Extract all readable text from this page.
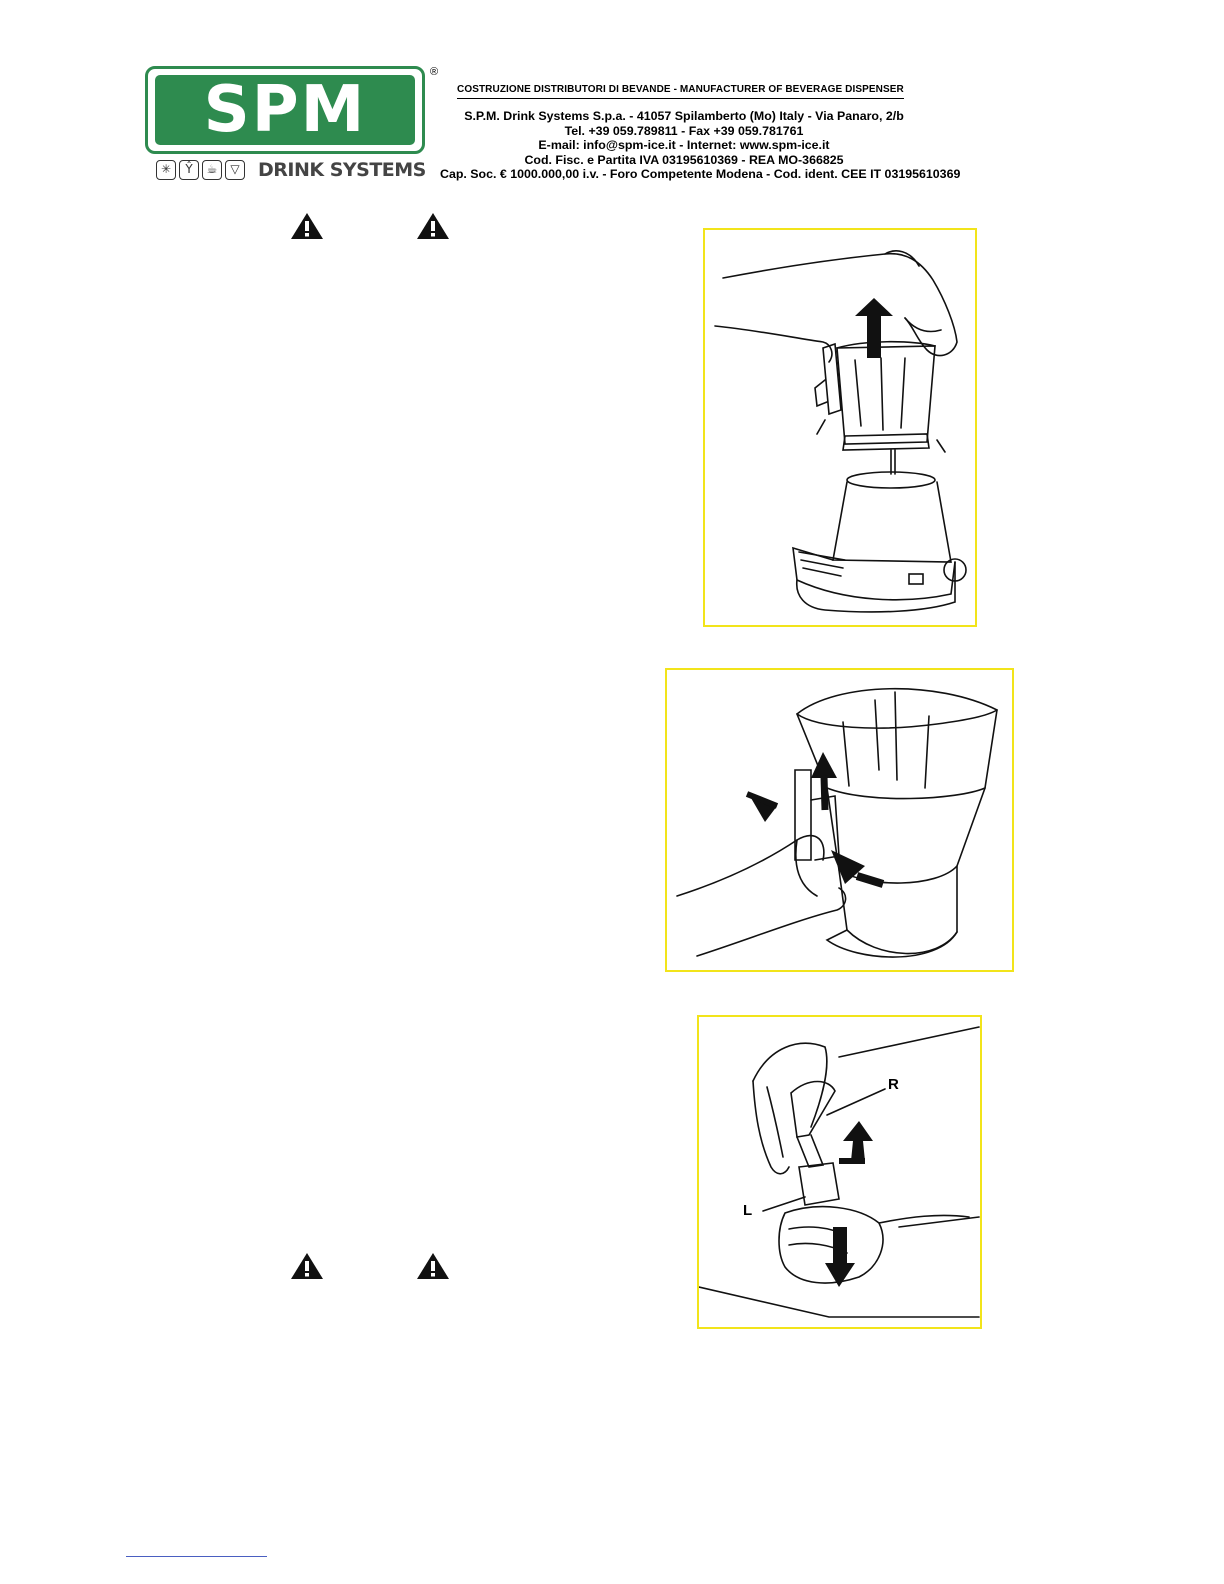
SPM
®
✳	Ŷ	☕	▽ DRINK SYSTEMS
COSTRUZIONE DISTRIBUTORI DI BEVANDE - MANUFACTURER OF BEVERAGE DISPENSER
S.P.M. Drink Systems S.p.a. - 41057 Spilamberto (Mo) Italy - Via Panaro, 2/b
Tel. +39 059.789811 - Fax +39 059.781761
E-mail: info@spm-ice.it - Internet: www.spm-ice.it
Cod. Fisc. e Partita IVA 03195610369 - REA MO-366825
Cap. Soc. € 1000.000,00 i.v. - Foro Competente Modena - Cod. ident. CEE IT 03195610369
R
L
